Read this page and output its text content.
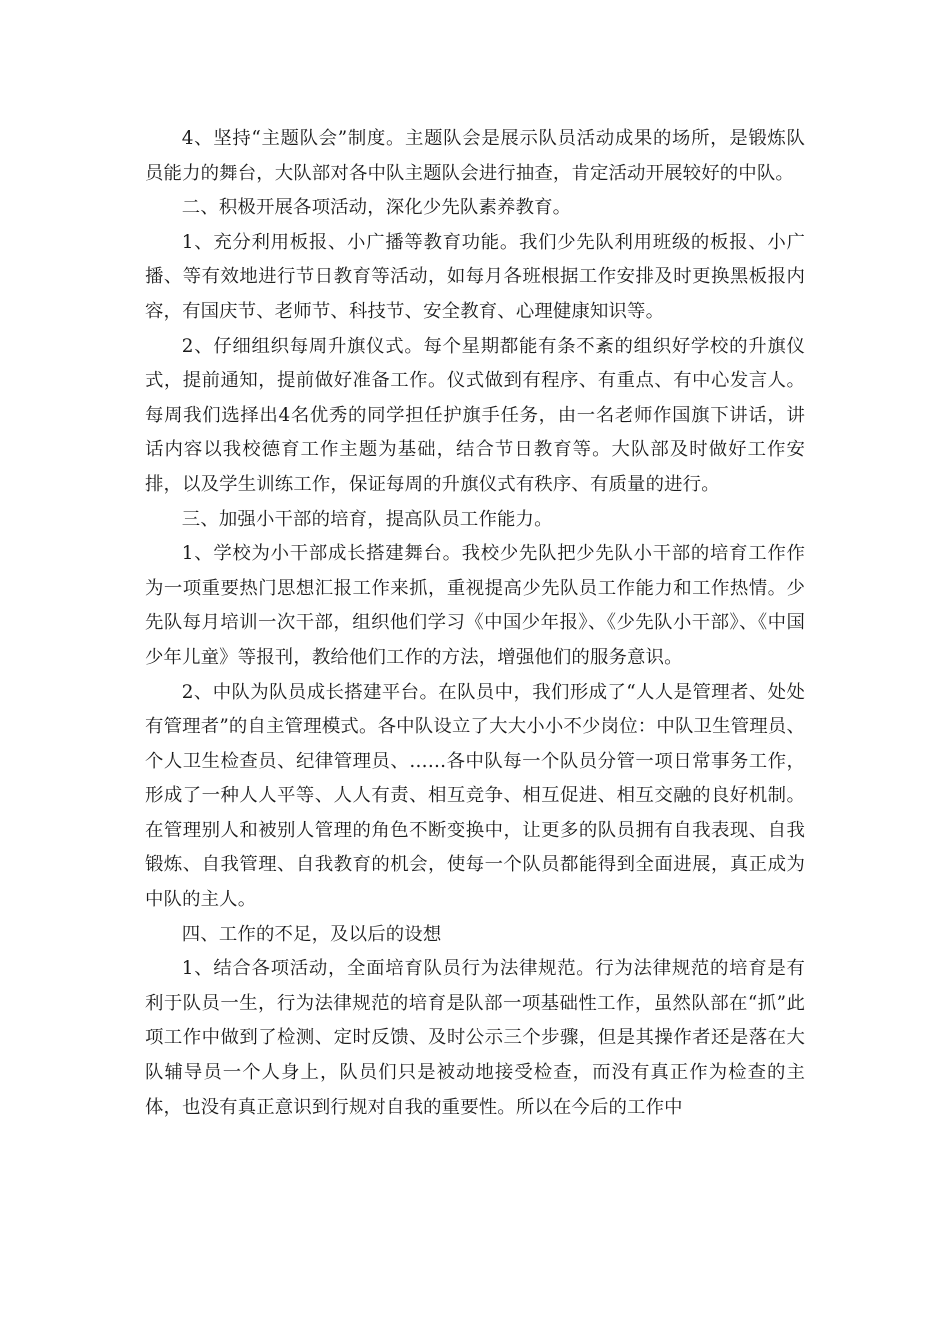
4、坚持“主题队会”制度。主题队会是展示队员活动成果的场所，是锻炼队员能力的舞台，大队部对各中队主题队会进行抽查，肯定活动开展较好的中队。

二、积极开展各项活动，深化少先队素养教育。

1、充分利用板报、小广播等教育功能。我们少先队利用班级的板报、小广播、等有效地进行节日教育等活动，如每月各班根据工作安排及时更换黑板报内容，有国庆节、老师节、科技节、安全教育、心理健康知识等。

2、仔细组织每周升旗仪式。每个星期都能有条不紊的组织好学校的升旗仪式，提前通知，提前做好准备工作。仪式做到有程序、有重点、有中心发言人。每周我们选择出4名优秀的同学担任护旗手任务，由一名老师作国旗下讲话，讲话内容以我校德育工作主题为基础，结合节日教育等。大队部及时做好工作安排，以及学生训练工作，保证每周的升旗仪式有秩序、有质量的进行。

三、加强小干部的培育，提高队员工作能力。

1、学校为小干部成长搭建舞台。我校少先队把少先队小干部的培育工作作为一项重要热门思想汇报工作来抓，重视提高少先队员工作能力和工作热情。少先队每月培训一次干部，组织他们学习《中国少年报》、《少先队小干部》、《中国少年儿童》等报刊，教给他们工作的方法，增强他们的服务意识。

2、中队为队员成长搭建平台。在队员中，我们形成了“人人是管理者、处处有管理者”的自主管理模式。各中队设立了大大小小不少岗位：中队卫生管理员、个人卫生检查员、纪律管理员、……各中队每一个队员分管一项日常事务工作，形成了一种人人平等、人人有责、相互竞争、相互促进、相互交融的良好机制。在管理别人和被别人管理的角色不断变换中，让更多的队员拥有自我表现、自我锻炼、自我管理、自我教育的机会，使每一个队员都能得到全面进展，真正成为中队的主人。

四、工作的不足，及以后的设想

1、结合各项活动，全面培育队员行为法律规范。行为法律规范的培育是有利于队员一生，行为法律规范的培育是队部一项基础性工作，虽然队部在“抓”此项工作中做到了检测、定时反馈、及时公示三个步骤，但是其操作者还是落在大队辅导员一个人身上，队员们只是被动地接受检查，而没有真正作为检查的主体，也没有真正意识到行规对自我的重要性。所以在今后的工作中
